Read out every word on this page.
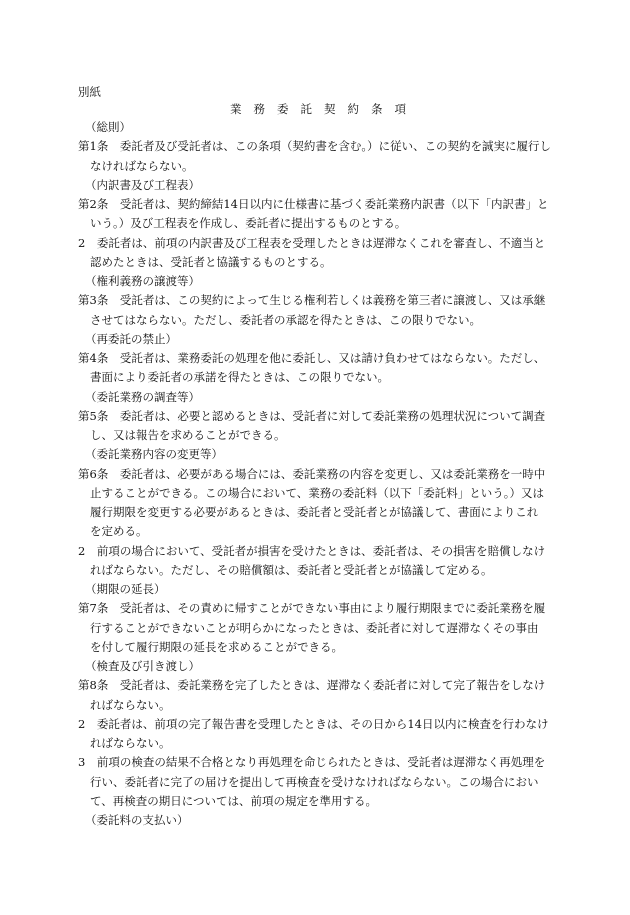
別紙
業務委託契約条項
（総則）
第1条　委託者及び受託者は、この条項（契約書を含む。）に従い、この契約を誠実に履行し
なければならない。
（内訳書及び工程表）
第2条　受託者は、契約締結14日以内に仕様書に基づく委託業務内訳書（以下「内訳書」と
いう。）及び工程表を作成し、委託者に提出するものとする。
2　委託者は、前項の内訳書及び工程表を受理したときは遅滞なくこれを審査し、不適当と
認めたときは、受託者と協議するものとする。
（権利義務の譲渡等）
第3条　受託者は、この契約によって生じる権利若しくは義務を第三者に譲渡し、又は承継
させてはならない。ただし、委託者の承認を得たときは、この限りでない。
（再委託の禁止）
第4条　受託者は、業務委託の処理を他に委託し、又は請け負わせてはならない。ただし、
書面により委託者の承諾を得たときは、この限りでない。
（委託業務の調査等）
第5条　委託者は、必要と認めるときは、受託者に対して委託業務の処理状況について調査
し、又は報告を求めることができる。
（委託業務内容の変更等）
第6条　委託者は、必要がある場合には、委託業務の内容を変更し、又は委託業務を一時中
止することができる。この場合において、業務の委託料（以下「委託料」という。）又は
履行期限を変更する必要があるときは、委託者と受託者とが協議して、書面によりこれ
を定める。
2　前項の場合において、受託者が損害を受けたときは、委託者は、その損害を賠償しなけ
ればならない。ただし、その賠償額は、委託者と受託者とが協議して定める。
（期限の延長）
第7条　受託者は、その責めに帰すことができない事由により履行期限までに委託業務を履
行することができないことが明らかになったときは、委託者に対して遅滞なくその事由
を付して履行期限の延長を求めることができる。
（検査及び引き渡し）
第8条　受託者は、委託業務を完了したときは、遅滞なく委託者に対して完了報告をしなけ
ればならない。
2　委託者は、前項の完了報告書を受理したときは、その日から14日以内に検査を行わなけ
ればならない。
3　前項の検査の結果不合格となり再処理を命じられたときは、受託者は遅滞なく再処理を
行い、委託者に完了の届けを提出して再検査を受けなければならない。この場合におい
て、再検査の期日については、前項の規定を準用する。
（委託料の支払い）
